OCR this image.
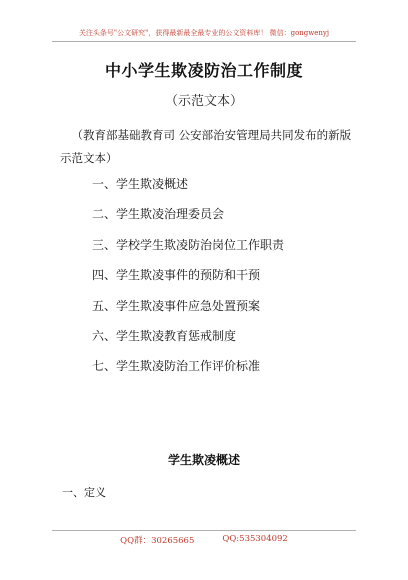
关注头条号"公文研究"，获得最新最全最专业的公文资料库！ 微信：gongwenyj
中小学生欺凌防治工作制度
（示范文本）
（教育部基础教育司 公安部治安管理局共同发布的新版示范文本）
一、学生欺凌概述
二、学生欺凌治理委员会
三、学校学生欺凌防治岗位工作职责
四、学生欺凌事件的预防和干预
五、学生欺凌事件应急处置预案
六、学生欺凌教育惩戒制度
七、学生欺凌防治工作评价标准
学生欺凌概述
一、定义
QQ群：30265665	QQ:535304092
